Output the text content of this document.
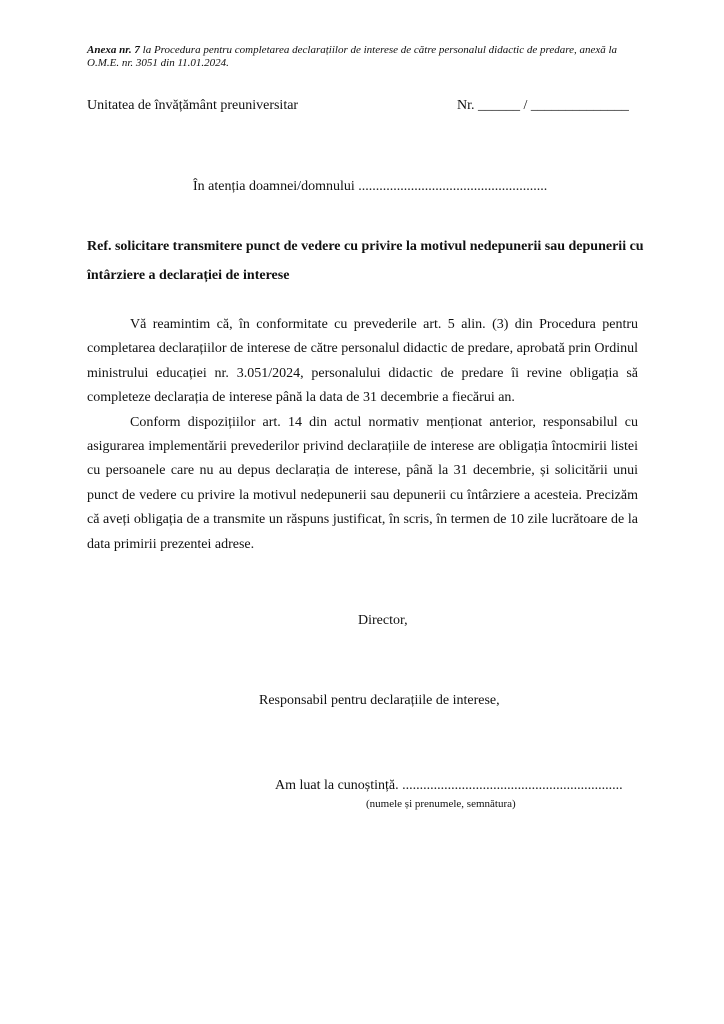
Anexa nr. 7 la Procedura pentru completarea declarațiilor de interese de către personalul didactic de predare, anexă la O.M.E. nr. 3051 din 11.01.2024.
Unitatea de învățământ preuniversitar	Nr. ______ / ______________
În atenția doamnei/domnului ......................................................
Ref. solicitare transmitere punct de vedere cu privire la motivul nedepunerii sau depunerii cu întârziere a declarației de interese

Vă reamintim că, în conformitate cu prevederile art. 5 alin. (3) din Procedura pentru completarea declarațiilor de interese de către personalul didactic de predare, aprobată prin Ordinul ministrului educației nr. 3.051/2024, personalului didactic de predare îi revine obligația să completeze declarația de interese până la data de 31 decembrie a fiecărui an.

Conform dispozițiilor art. 14 din actul normativ menționat anterior, responsabilul cu asigurarea implementării prevederilor privind declarațiile de interese are obligația întocmirii listei cu persoanele care nu au depus declarația de interese, până la 31 decembrie, și solicitării unui punct de vedere cu privire la motivul nedepunerii sau depunerii cu întârziere a acesteia. Precizăm că aveți obligația de a transmite un răspuns justificat, în scris, în termen de 10 zile lucrătoare de la data primirii prezentei adrese.

Director,
Responsabil pentru declarațiile de interese,
Am luat la cunoștință. ...............................................................
(numele și prenumele, semnătura)
